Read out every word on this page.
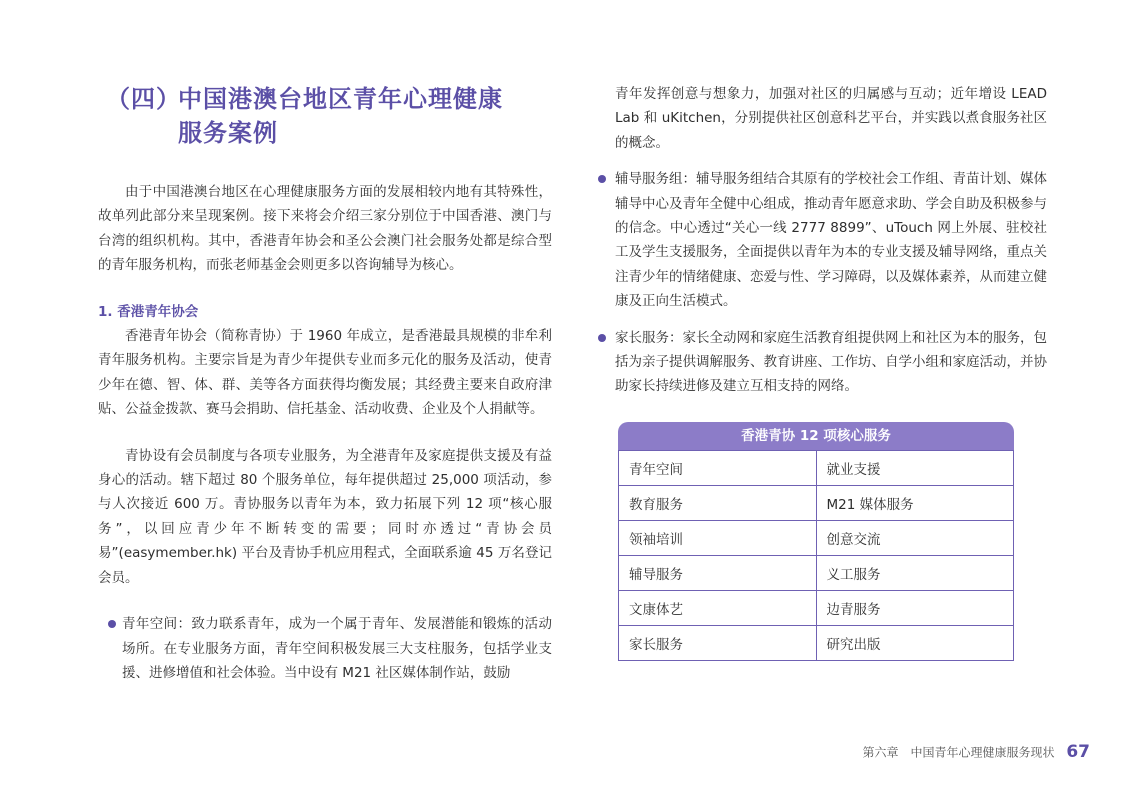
（四）
中国港澳台地区青年心理健康
服务案例

由于中国港澳台地区在心理健康服务方面的发展相较内地有其特殊性，故单列此部分来呈现案例。接下来将会介绍三家分别位于中国香港、澳门与台湾的组织机构。其中，香港青年协会和圣公会澳门社会服务处都是综合型的青年服务机构，而张老师基金会则更多以咨询辅导为核心。

1. 香港青年协会

香港青年协会（简称青协）于 1960 年成立，是香港最具规模的非牟利青年服务机构。主要宗旨是为青少年提供专业而多元化的服务及活动，使青少年在德、智、体、群、美等各方面获得均衡发展；其经费主要来自政府津贴、公益金拨款、赛马会捐助、信托基金、活动收费、企业及个人捐献等。

青协设有会员制度与各项专业服务，为全港青年及家庭提供支援及有益身心的活动。辖下超过 80 个服务单位，每年提供超过 25,000 项活动，参与人次接近 600 万。青协服务以青年为本，致力拓展下列 12 项“核心服务”，以回应青少年不断转变的需要；同时亦透过“青协会员易”(easymember.hk) 平台及青协手机应用程式，全面联系逾 45 万名登记会员。

青年空间：致力联系青年，成为一个属于青年、发展潜能和锻炼的活动场所。在专业服务方面，青年空间积极发展三大支柱服务，包括学业支援、进修增值和社会体验。当中设有 M21 社区媒体制作站，鼓励

青年发挥创意与想象力，加强对社区的归属感与互动；近年增设 LEAD Lab 和 uKitchen，分别提供社区创意科艺平台，并实践以煮食服务社区的概念。

辅导服务组：辅导服务组结合其原有的学校社会工作组、青苗计划、媒体辅导中心及青年全健中心组成，推动青年愿意求助、学会自助及积极参与的信念。中心透过“关心一线 2777 8899”、uTouch 网上外展、驻校社工及学生支援服务，全面提供以青年为本的专业支援及辅导网络，重点关注青少年的情绪健康、恋爱与性、学习障碍，以及媒体素养，从而建立健康及正向生活模式。

家长服务：家长全动网和家庭生活教育组提供网上和社区为本的服务，包括为亲子提供调解服务、教育讲座、工作坊、自学小组和家庭活动，并协助家长持续进修及建立互相支持的网络。

香港青协 12 项核心服务
青年空间	就业支援
教育服务	M21 媒体服务
领袖培训	创意交流
辅导服务	义工服务
文康体艺	边青服务
家长服务	研究出版
第六章　中国青年心理健康服务现状 67
